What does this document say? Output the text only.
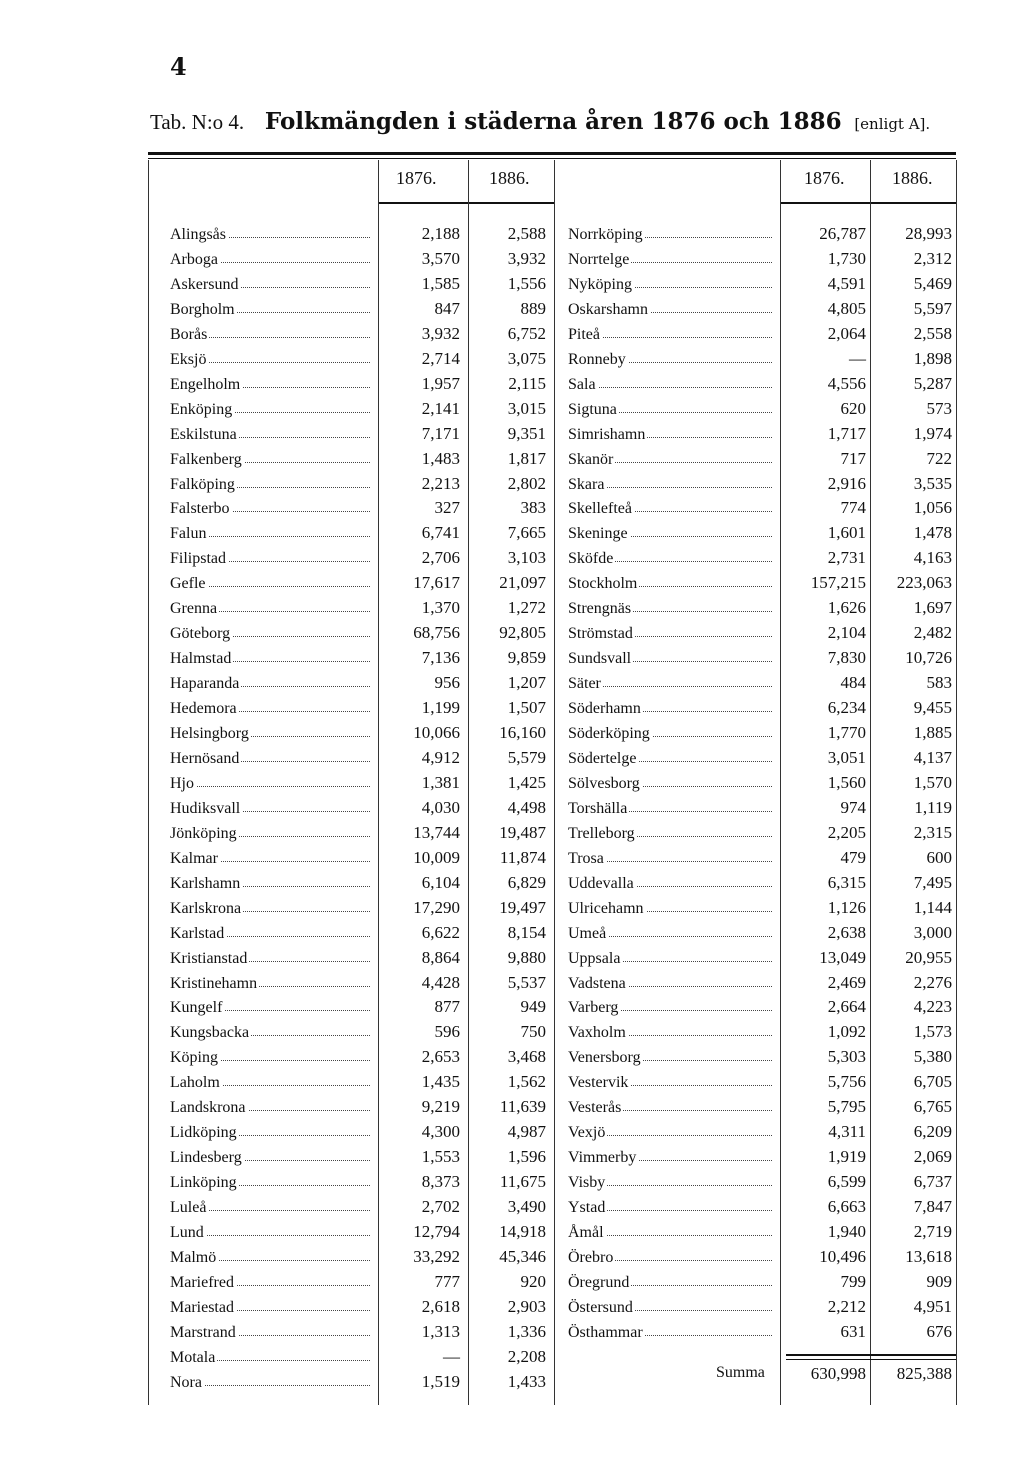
4
Tab. N:o 4. Folkmängden i städerna åren 1876 och 1886 [enligt A].
1876.	1886.	1876.	1886.
Alingsås	2,188	2,588
Arboga	3,570	3,932
Askersund	1,585	1,556
Borgholm	847	889
Borås	3,932	6,752
Eksjö	2,714	3,075
Engelholm	1,957	2,115
Enköping	2,141	3,015
Eskilstuna	7,171	9,351
Falkenberg	1,483	1,817
Falköping	2,213	2,802
Falsterbo	327	383
Falun	6,741	7,665
Filipstad	2,706	3,103
Gefle	17,617	21,097
Grenna	1,370	1,272
Göteborg	68,756	92,805
Halmstad	7,136	9,859
Haparanda	956	1,207
Hedemora	1,199	1,507
Helsingborg	10,066	16,160
Hernösand	4,912	5,579
Hjo	1,381	1,425
Hudiksvall	4,030	4,498
Jönköping	13,744	19,487
Kalmar	10,009	11,874
Karlshamn	6,104	6,829
Karlskrona	17,290	19,497
Karlstad	6,622	8,154
Kristianstad	8,864	9,880
Kristinehamn	4,428	5,537
Kungelf	877	949
Kungsbacka	596	750
Köping	2,653	3,468
Laholm	1,435	1,562
Landskrona	9,219	11,639
Lidköping	4,300	4,987
Lindesberg	1,553	1,596
Linköping	8,373	11,675
Luleå	2,702	3,490
Lund	12,794	14,918
Malmö	33,292	45,346
Mariefred	777	920
Mariestad	2,618	2,903
Marstrand	1,313	1,336
Motala	—	2,208
Nora	1,519	1,433
Norrköping	26,787	28,993
Norrtelge	1,730	2,312
Nyköping	4,591	5,469
Oskarshamn	4,805	5,597
Piteå	2,064	2,558
Ronneby	—	1,898
Sala	4,556	5,287
Sigtuna	620	573
Simrishamn	1,717	1,974
Skanör	717	722
Skara	2,916	3,535
Skellefteå	774	1,056
Skeninge	1,601	1,478
Sköfde	2,731	4,163
Stockholm	157,215	223,063
Strengnäs	1,626	1,697
Strömstad	2,104	2,482
Sundsvall	7,830	10,726
Säter	484	583
Söderhamn	6,234	9,455
Söderköping	1,770	1,885
Södertelge	3,051	4,137
Sölvesborg	1,560	1,570
Torshälla	974	1,119
Trelleborg	2,205	2,315
Trosa	479	600
Uddevalla	6,315	7,495
Ulricehamn	1,126	1,144
Umeå	2,638	3,000
Uppsala	13,049	20,955
Vadstena	2,469	2,276
Varberg	2,664	4,223
Vaxholm	1,092	1,573
Venersborg	5,303	5,380
Vestervik	5,756	6,705
Vesterås	5,795	6,765
Vexjö	4,311	6,209
Vimmerby	1,919	2,069
Visby	6,599	6,737
Ystad	6,663	7,847
Åmål	1,940	2,719
Örebro	10,496	13,618
Öregrund	799	909
Östersund	2,212	4,951
Östhammar	631	676
Summa	630,998	825,388
